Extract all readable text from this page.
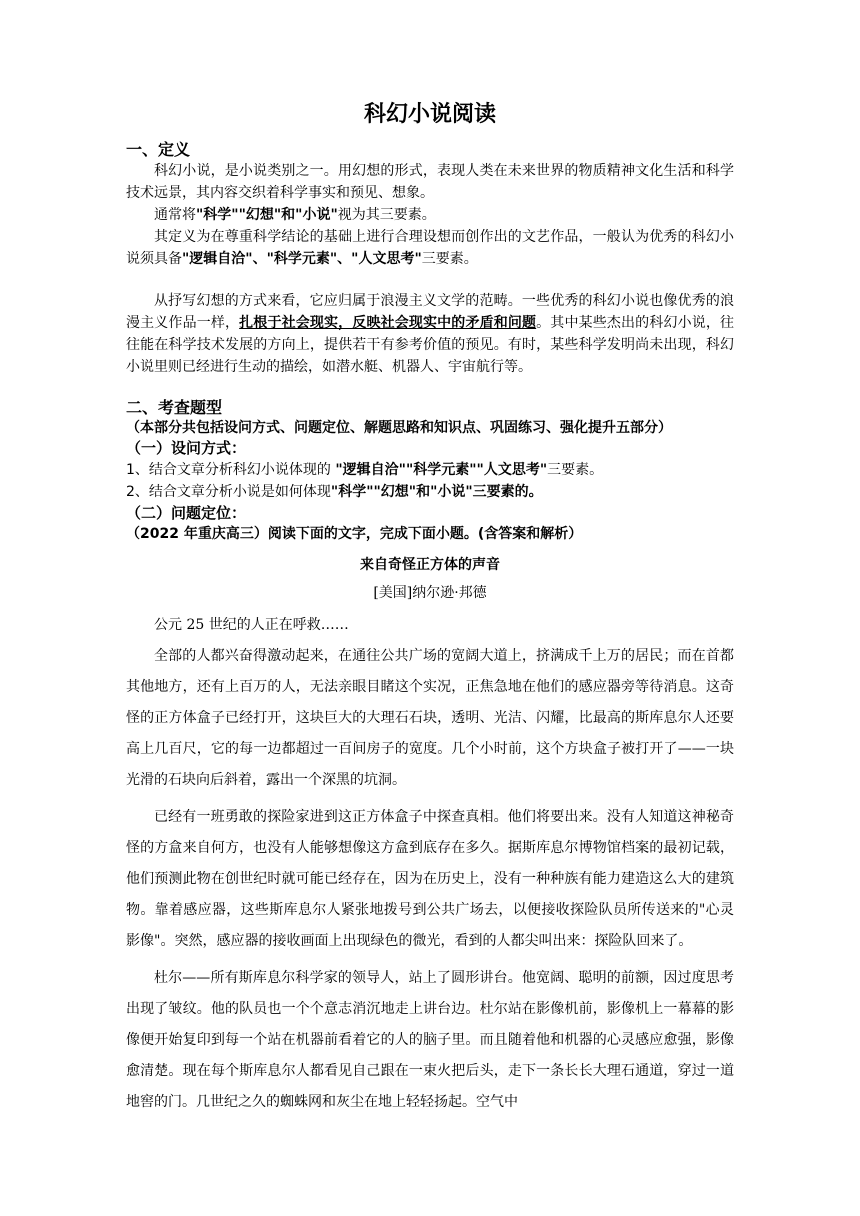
科幻小说阅读
一、定义

科幻小说，是小说类别之一。用幻想的形式，表现人类在未来世界的物质精神文化生活和科学技术远景，其内容交织着科学事实和预见、想象。

通常将"科学""幻想"和"小说"视为其三要素。

其定义为在尊重科学结论的基础上进行合理设想而创作出的文艺作品，一般认为优秀的科幻小说须具备"逻辑自洽"、"科学元素"、"人文思考"三要素。

从抒写幻想的方式来看，它应归属于浪漫主义文学的范畴。一些优秀的科幻小说也像优秀的浪漫主义作品一样，扎根于社会现实，反映社会现实中的矛盾和问题。其中某些杰出的科幻小说，往往能在科学技术发展的方向上，提供若干有参考价值的预见。有时，某些科学发明尚未出现，科幻小说里则已经进行生动的描绘，如潜水艇、机器人、宇宙航行等。

二、考查题型
（本部分共包括设问方式、问题定位、解题思路和知识点、巩固练习、强化提升五部分）
（一）设问方式：

1、结合文章分析科幻小说体现的 "逻辑自洽""科学元素""人文思考"三要素。

2、结合文章分析小说是如何体现"科学""幻想"和"小说"三要素的。

（二）问题定位：
（2022 年重庆高三）阅读下面的文字，完成下面小题。(含答案和解析）
来自奇怪正方体的声音
[美国]纳尔逊·邦德

公元 25 世纪的人正在呼救……

全部的人都兴奋得激动起来，在通往公共广场的宽阔大道上，挤满成千上万的居民；而在首都其他地方，还有上百万的人，无法亲眼目睹这个实况，正焦急地在他们的感应器旁等待消息。这奇怪的正方体盒子已经打开，这块巨大的大理石石块，透明、光洁、闪耀，比最高的斯库息尔人还要高上几百尺，它的每一边都超过一百间房子的宽度。几个小时前，这个方块盒子被打开了——一块光滑的石块向后斜着，露出一个深黑的坑洞。

已经有一班勇敢的探险家进到这正方体盒子中探查真相。他们将要出来。没有人知道这神秘奇怪的方盒来自何方，也没有人能够想像这方盒到底存在多久。据斯库息尔博物馆档案的最初记载，他们预测此物在创世纪时就可能已经存在，因为在历史上，没有一种种族有能力建造这么大的建筑物。靠着感应器，这些斯库息尔人紧张地拨号到公共广场去，以便接收探险队员所传送来的"心灵影像"。突然，感应器的接收画面上出现绿色的微光，看到的人都尖叫出来：探险队回来了。

杜尔——所有斯库息尔科学家的领导人，站上了圆形讲台。他宽阔、聪明的前额，因过度思考出现了皱纹。他的队员也一个个意志消沉地走上讲台边。杜尔站在影像机前，影像机上一幕幕的影像便开始复印到每一个站在机器前看着它的人的脑子里。而且随着他和机器的心灵感应愈强，影像愈清楚。现在每个斯库息尔人都看见自己跟在一束火把后头，走下一条长长大理石通道，穿过一道地窖的门。几世纪之久的蜘蛛网和灰尘在地上轻轻扬起。空气中
